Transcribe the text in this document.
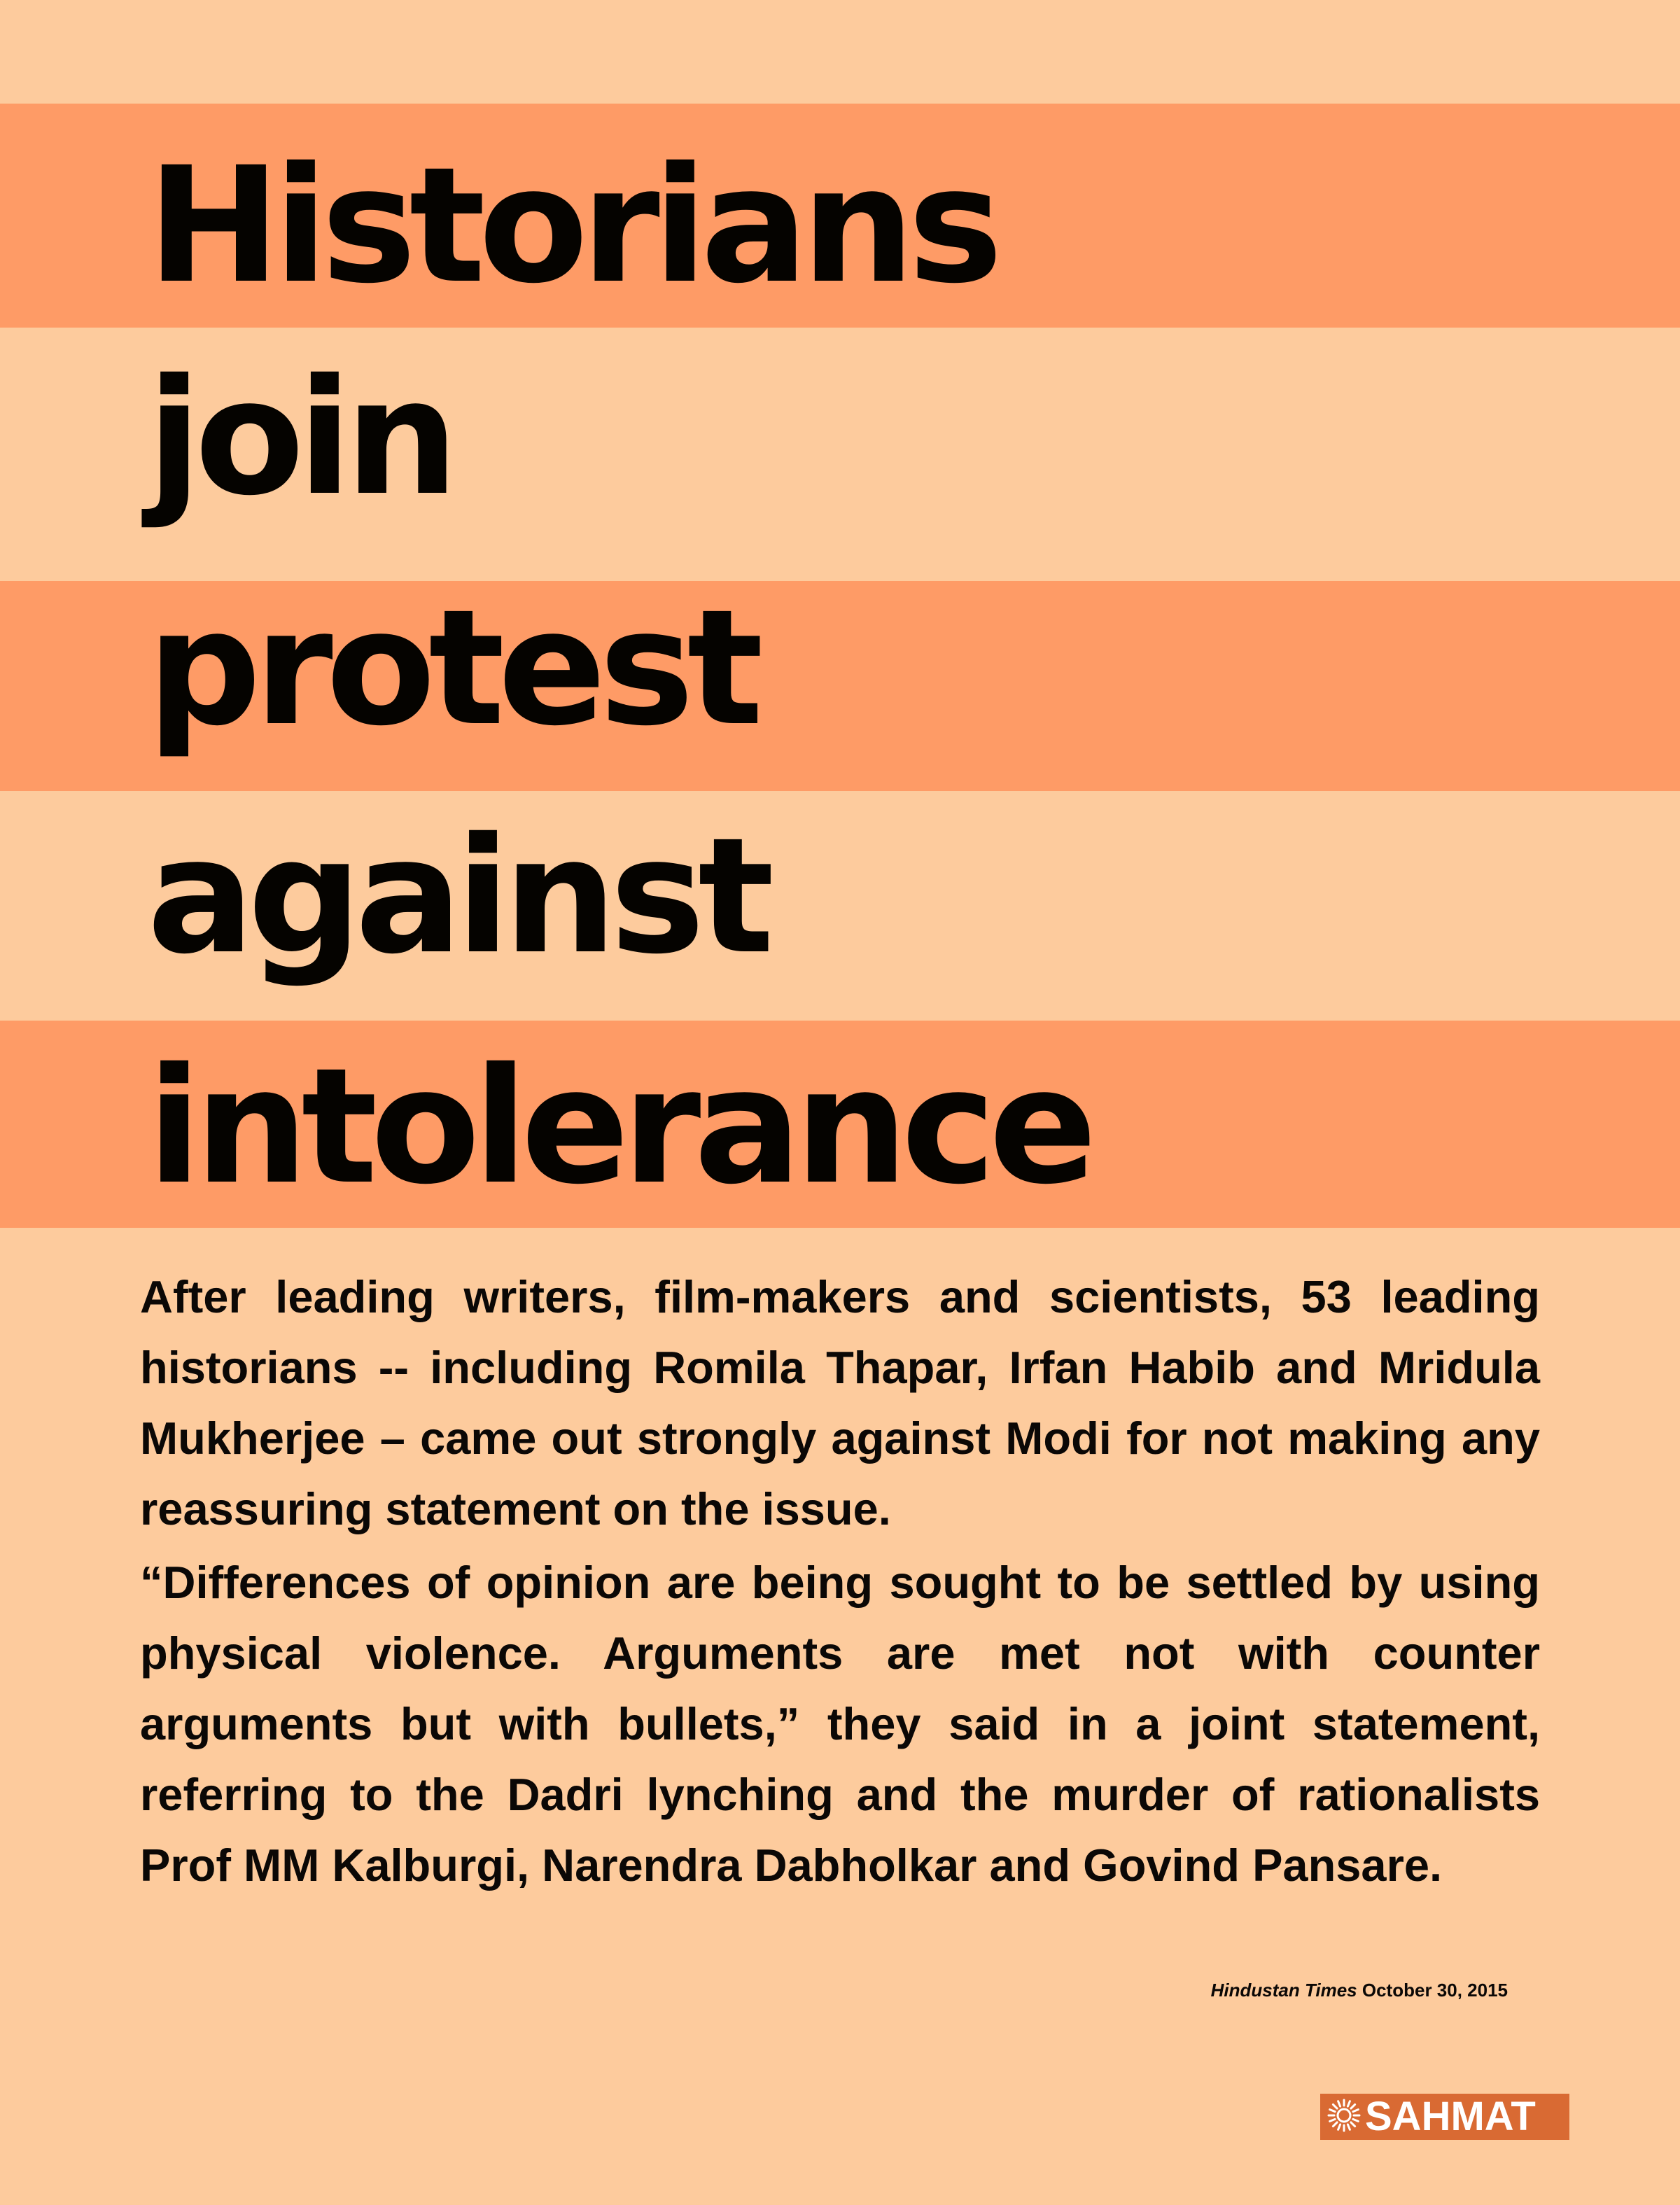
Historians
join
protest
against
intolerance

After leading writers, film-makers and scientists, 53 leading historians -- including Romila Thapar, Irfan Habib and Mridula Mukherjee – came out strongly against Modi for not making any reassuring statement on the issue.

“Differences of opinion are being sought to be settled by using physical violence. Arguments are met not with counter arguments but with bullets,” they said in a joint statement, referring to the Dadri lynching and the murder of rationalists Prof MM Kalburgi, Narendra Dabholkar and Govind Pansare.

Hindustan Times October 30, 2015
SAHMAT
